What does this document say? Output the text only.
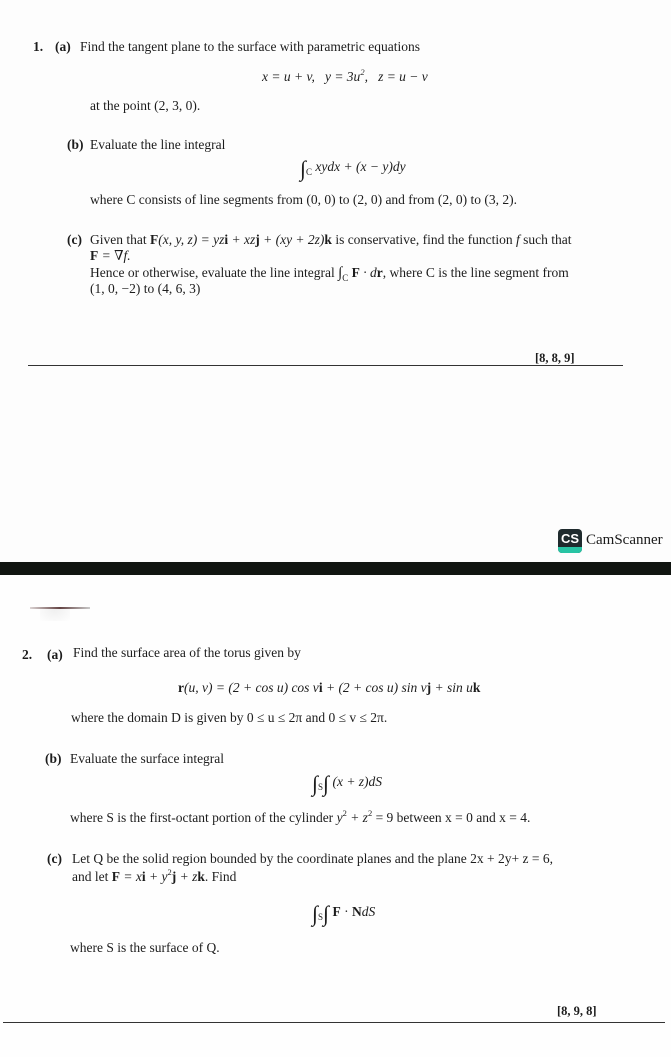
1. (a) Find the tangent plane to the surface with parametric equations
x = u + v, $y = 3u^2$, z = u − v
at the point (2, 3, 0).
(b) Evaluate the line integral
$\int_C$ xydx + (x − y)dy
where C consists of line segments from (0, 0) to (2, 0) and from (2, 0) to (3, 2).
(c) Given that F(x, y, z) = yzi + xzj + (xy + 2z)k is conservative, find the function f such that
F = ∇f.
Hence or otherwise, evaluate the line integral $\int_C$ F · dr, where C is the line segment from
(1, 0, −2) to (4, 6, 3)
[8, 8, 9]
CS CamScanner
2. (a) Find the surface area of the torus given by
r(u, v) = (2 + cos u) cos vi + (2 + cos u) sin vj + sin uk
where the domain D is given by 0 ≤ u ≤ 2π and 0 ≤ v ≤ 2π.
(b) Evaluate the surface integral
$\int_S\int$ (x + z)dS
where S is the first-octant portion of the cylinder $y^2 + z^2 = 9$ between x = 0 and x = 4.
(c) Let Q be the solid region bounded by the coordinate planes and the plane 2x + 2y+ z = 6,
and let F = xi + $y^2j$ + zk. Find
$\int_S\int$ F · NdS
where S is the surface of Q.
[8, 9, 8]
